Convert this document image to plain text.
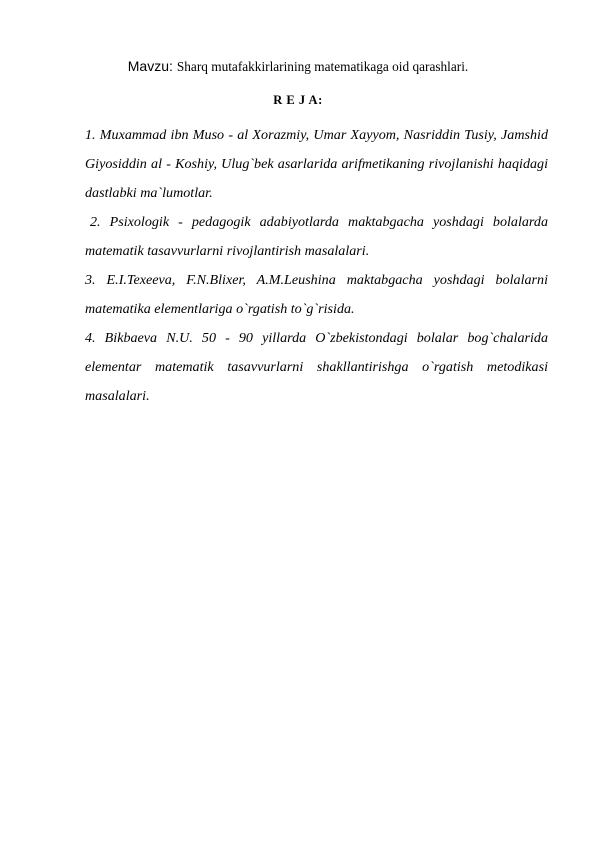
Mavzu: Sharq mutafakkirlarining matematikaga oid qarashlari.
R E J A:
1. Muxammad ibn Muso - al Xorazmiy, Umar Xayyom, Nasriddin Tusiy, Jamshid Giyosiddin al - Koshiy, Ulug`bek asarlarida arifmetikaning rivojlanishi haqidagi dastlabki ma`lumotlar.
2. Psixologik - pedagogik adabiyotlarda maktabgacha yoshdagi bolalarda matematik tasavvurlarni rivojlantirish masalalari.
3. E.I.Texeeva, F.N.Blixer, A.M.Leushina maktabgacha yoshdagi bolalarni matematika elementlariga o`rgatish to`g`risida.
4. Bikbaeva N.U. 50 - 90 yillarda O`zbekistondagi bolalar bog`chalarida elementar matematik tasavvurlarni shakllantirishga o`rgatish metodikasi masalalari.
